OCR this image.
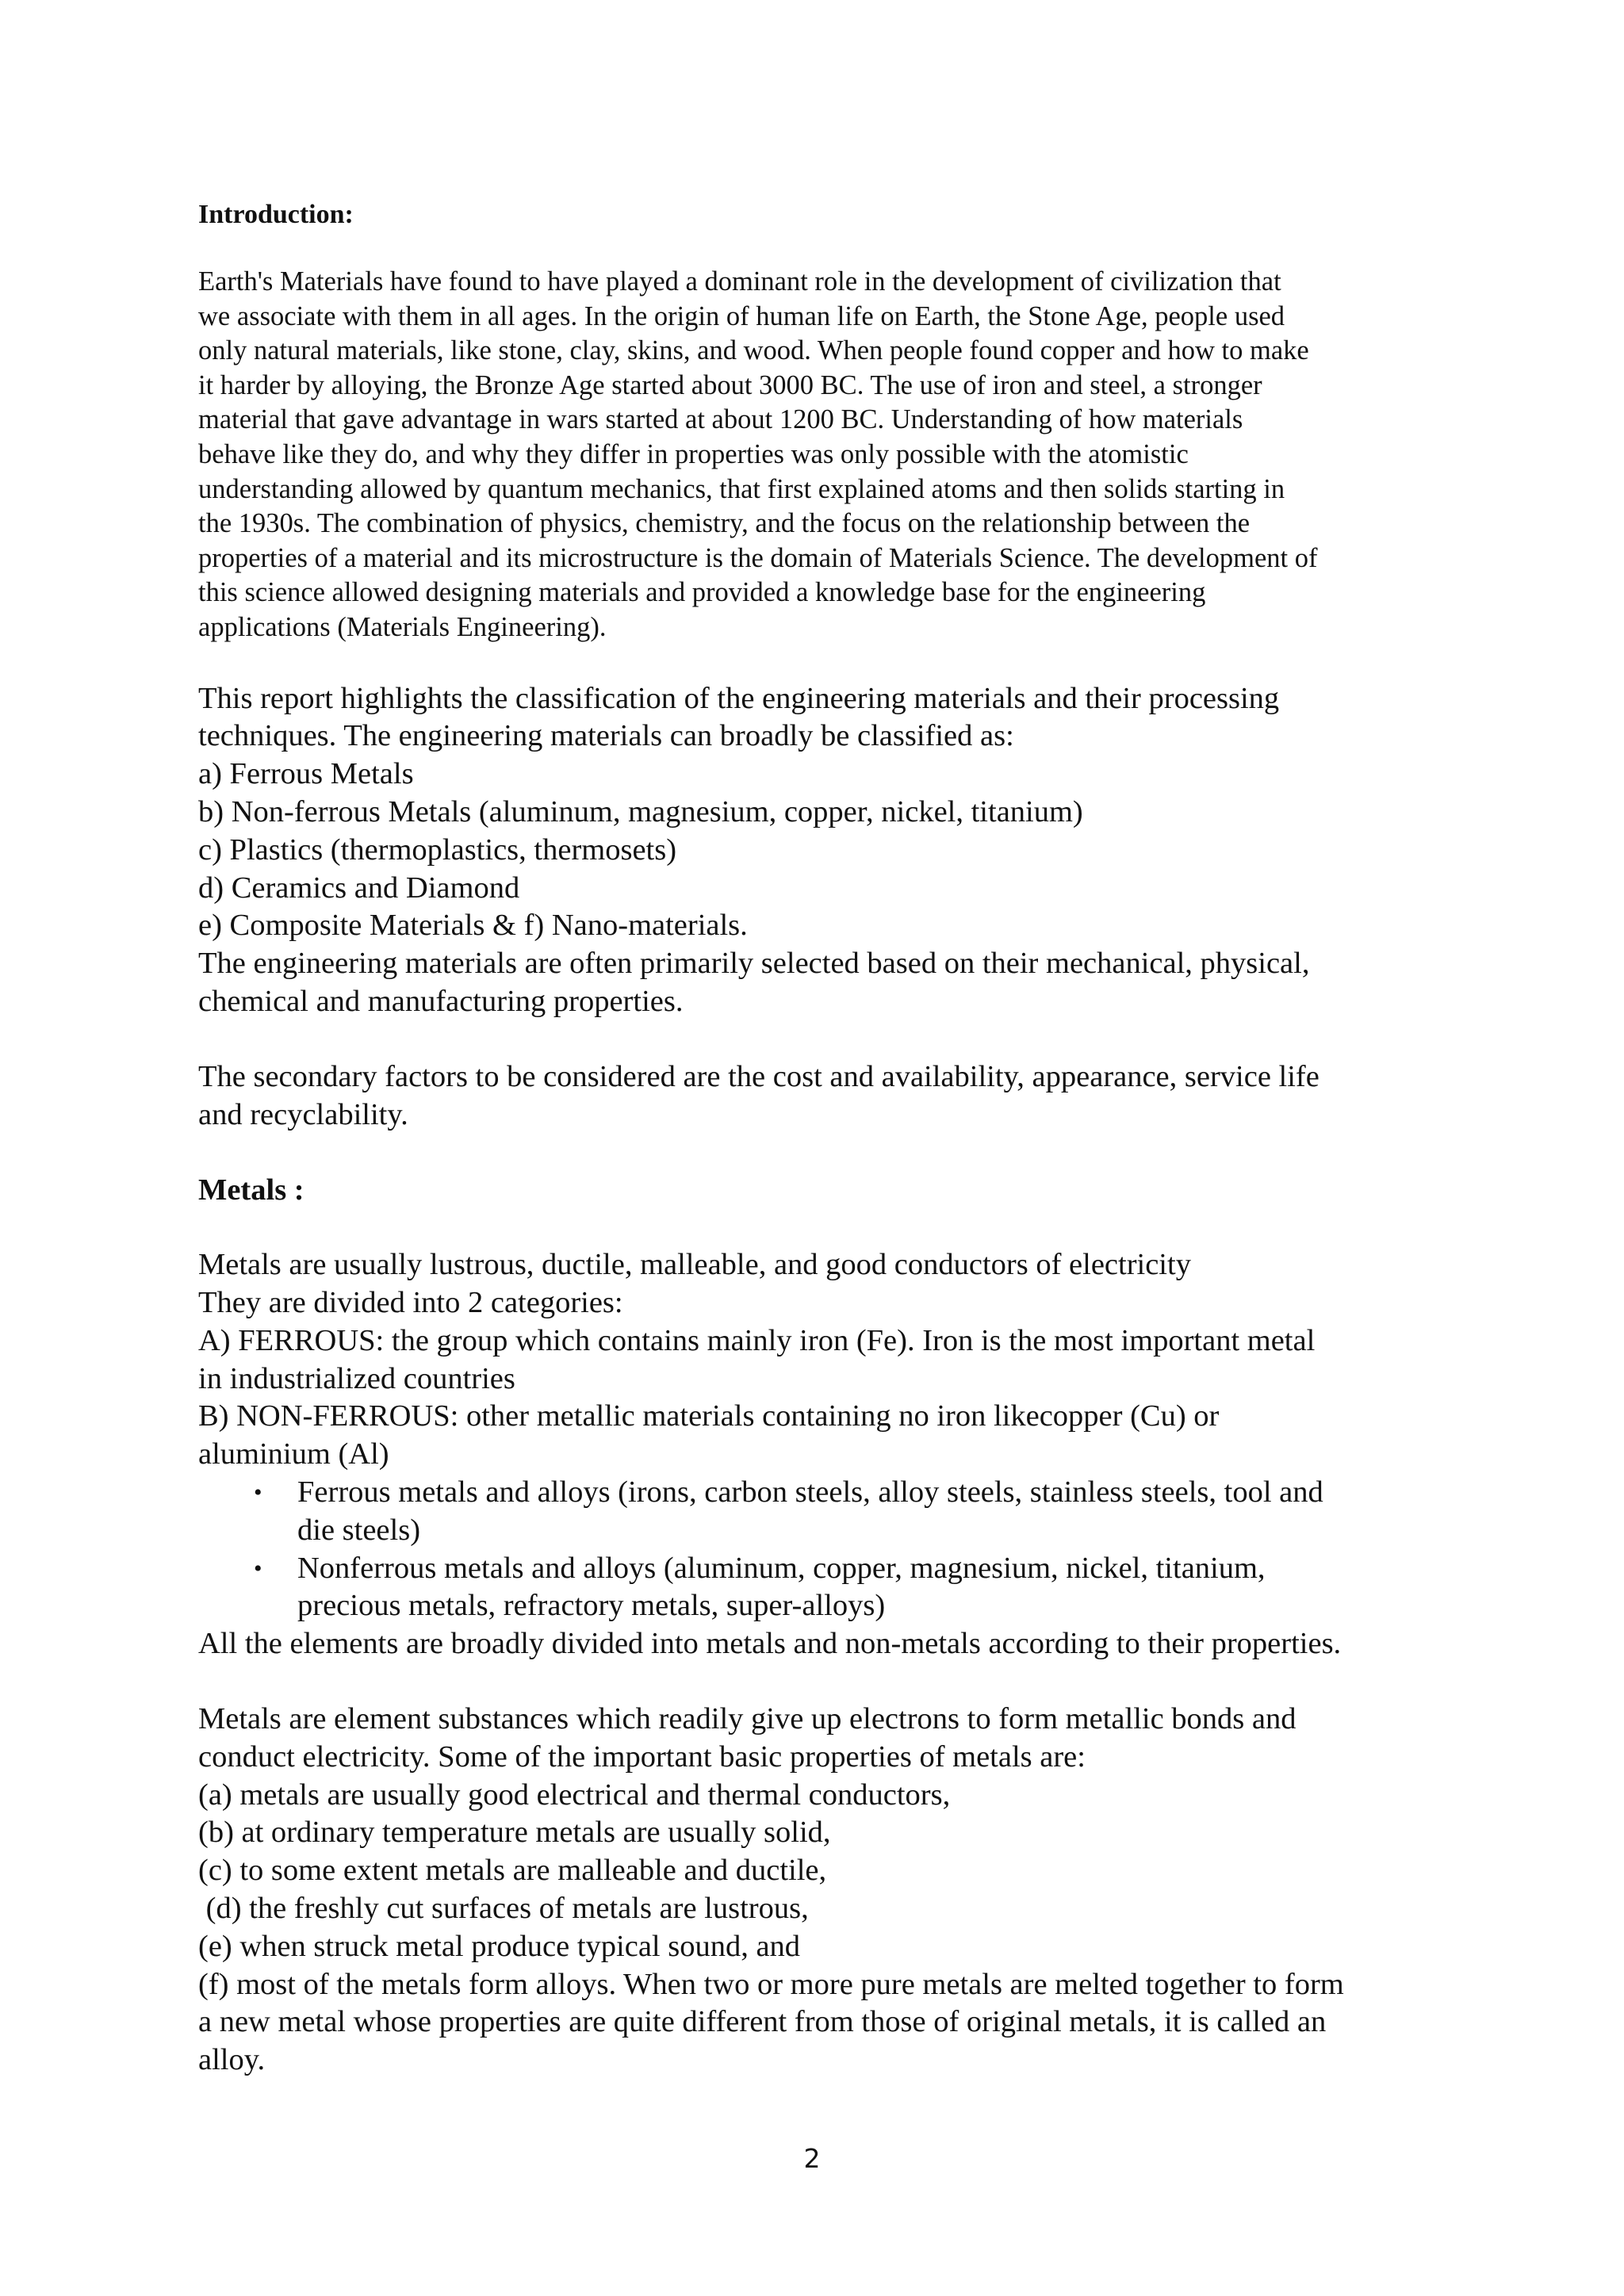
Introduction:

Earth's Materials have found to have played a dominant role in the development of civilization that
we associate with them in all ages. In the origin of human life on Earth, the Stone Age, people used
only natural materials, like stone, clay, skins, and wood. When people found copper and how to make
it harder by alloying, the Bronze Age started about 3000 BC. The use of iron and steel, a stronger
material that gave advantage in wars started at about 1200 BC. Understanding of how materials
behave like they do, and why they differ in properties was only possible with the atomistic
understanding allowed by quantum mechanics, that first explained atoms and then solids starting in
the 1930s. The combination of physics, chemistry, and the focus on the relationship between the
properties of a material and its microstructure is the domain of Materials Science. The development of
this science allowed designing materials and provided a knowledge base for the engineering
applications (Materials Engineering).

This report highlights the classification of the engineering materials and their processing
techniques. The engineering materials can broadly be classified as:
a) Ferrous Metals
b) Non-ferrous Metals (aluminum, magnesium, copper, nickel, titanium)
c) Plastics (thermoplastics, thermosets)
d) Ceramics and Diamond
e) Composite Materials & f) Nano-materials.
The engineering materials are often primarily selected based on their mechanical, physical,
chemical and manufacturing properties.

The secondary factors to be considered are the cost and availability, appearance, service life
and recyclability.

Metals :

Metals are usually lustrous, ductile, malleable, and good conductors of electricity
They are divided into 2 categories:
A) FERROUS: the group which contains mainly iron (Fe). Iron is the most important metal
in industrialized countries
B) NON-FERROUS: other metallic materials containing no iron likecopper (Cu) or
aluminium (Al)
• Ferrous metals and alloys (irons, carbon steels, alloy steels, stainless steels, tool and
die steels)
• Nonferrous metals and alloys (aluminum, copper, magnesium, nickel, titanium,
precious metals, refractory metals, super-alloys)
All the elements are broadly divided into metals and non-metals according to their properties.

Metals are element substances which readily give up electrons to form metallic bonds and
conduct electricity. Some of the important basic properties of metals are:
(a) metals are usually good electrical and thermal conductors,
(b) at ordinary temperature metals are usually solid,
(c) to some extent metals are malleable and ductile,
(d) the freshly cut surfaces of metals are lustrous,
(e) when struck metal produce typical sound, and
(f) most of the metals form alloys. When two or more pure metals are melted together to form
a new metal whose properties are quite different from those of original metals, it is called an
alloy.

2
